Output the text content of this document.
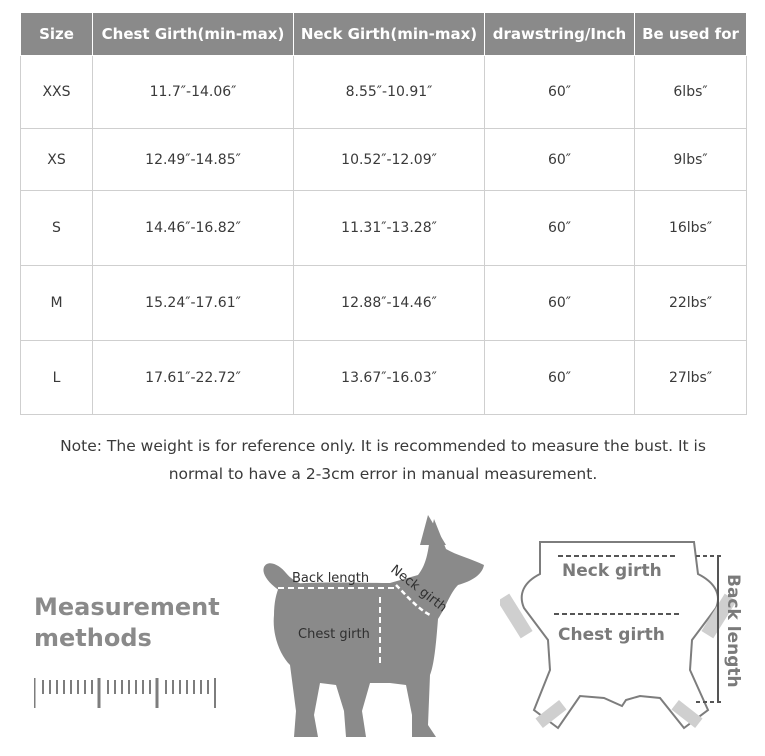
Size	Chest Girth(min-max)	Neck Girth(min-max)	drawstring/Inch	Be used for
XXS	11.7″-14.06″	8.55″-10.91″	60″	6lbs″
XS	12.49″-14.85″	10.52″-12.09″	60″	9lbs″
S	14.46″-16.82″	11.31″-13.28″	60″	16lbs″
M	15.24″-17.61″	12.88″-14.46″	60″	22lbs″
L	17.61″-22.72″	13.67″-16.03″	60″	27lbs″
Note: The weight is for reference only. It is recommended to measure the bust. It is
normal to have a 2-3cm error in manual measurement.
Measurement
methods
Back length Neck girth
Chest girth
Neck girth
Chest girth	Back length
